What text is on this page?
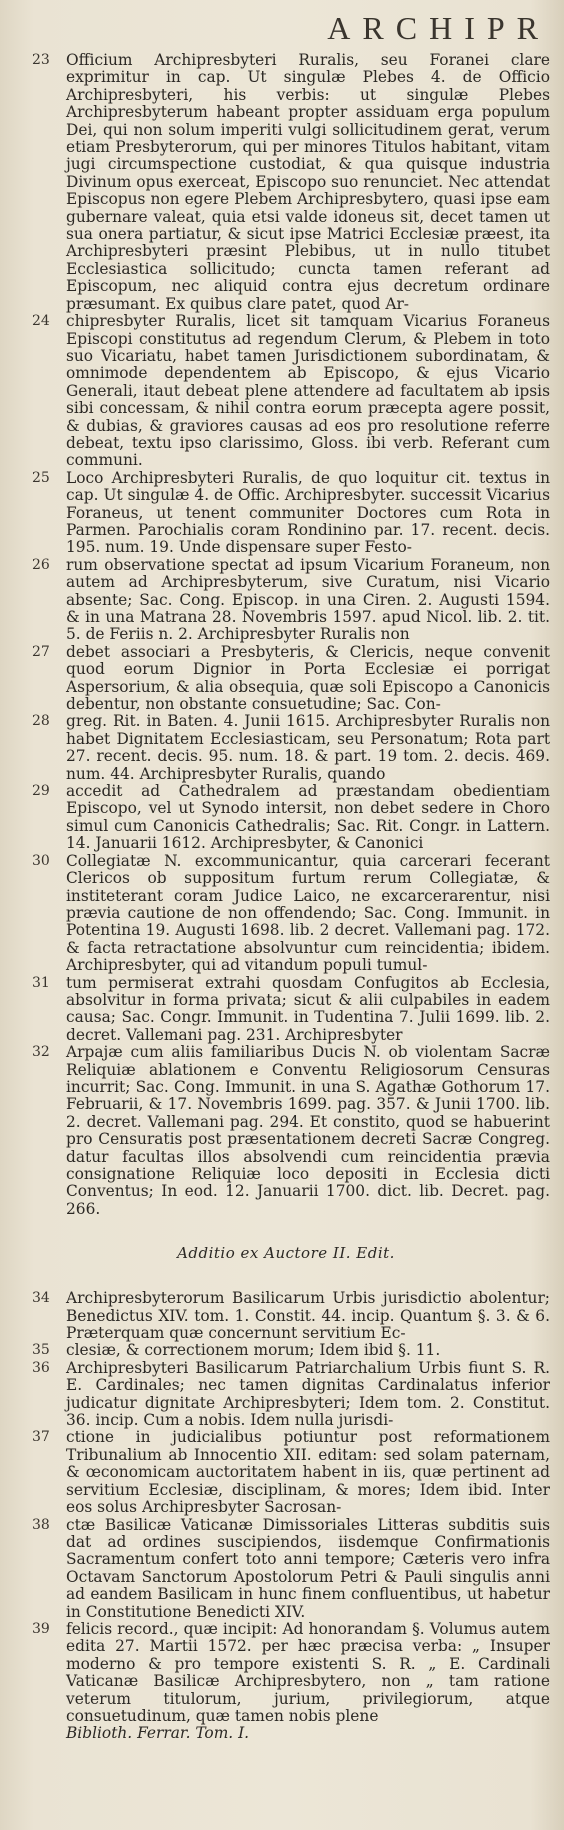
ARCHIPR
23	Officium Archipresbyteri Ruralis, seu Foranei clare exprimitur in cap. Ut singulæ Plebes 4. de Officio Archipresbyteri, his verbis: ut singulæ Plebes Archipresbyterum habeant propter assiduam erga populum Dei, qui non solum imperiti vulgi sollicitudinem gerat, verum etiam Presbyterorum, qui per minores Titulos habitant, vitam jugi circumspectione custodiat, & qua quisque industria Divinum opus exerceat, Episcopo suo renunciet. Nec attendat Episcopus non egere Plebem Archipresbytero, quasi ipse eam gubernare valeat, quia etsi valde idoneus sit, decet tamen ut sua onera partiatur, & sicut ipse Matrici Ecclesiæ præest, ita Archipresbyteri præsint Plebibus, ut in nullo titubet Ecclesiastica sollicitudo; cuncta tamen referant ad Episcopum, nec aliquid contra ejus decretum ordinare præsumant. Ex quibus clare patet, quod Ar-
24	chipresbyter Ruralis, licet sit tamquam Vicarius Foraneus Episcopi constitutus ad regendum Clerum, & Plebem in toto suo Vicariatu, habet tamen Jurisdictionem subordinatam, & omnimode dependentem ab Episcopo, & ejus Vicario Generali, itaut debeat plene attendere ad facultatem ab ipsis sibi concessam, & nihil contra eorum præcepta agere possit, & dubias, & graviores causas ad eos pro resolutione referre debeat, textu ipso clarissimo, Gloss. ibi verb. Referant cum communi.
25	Loco Archipresbyteri Ruralis, de quo loquitur cit. textus in cap. Ut singulæ 4. de Offic. Archipresbyter. successit Vicarius Foraneus, ut tenent communiter Doctores cum Rota in Parmen. Parochialis coram Rondinino par. 17. recent. decis. 195. num. 19. Unde dispensare super Festo-
26	rum observatione spectat ad ipsum Vicarium Foraneum, non autem ad Archipresbyterum, sive Curatum, nisi Vicario absente; Sac. Cong. Episcop. in una Ciren. 2. Augusti 1594. & in una Matrana 28. Novembris 1597. apud Nicol. lib. 2. tit. 5. de Feriis n. 2. Archipresbyter Ruralis non
27	debet associari a Presbyteris, & Clericis, neque convenit quod eorum Dignior in Porta Ecclesiæ ei porrigat Aspersorium, & alia obsequia, quæ soli Episcopo a Canonicis debentur, non obstante consuetudine; Sac. Con-
28	greg. Rit. in Baten. 4. Junii 1615. Archipresbyter Ruralis non habet Dignitatem Ecclesiasticam, seu Personatum; Rota part 27. recent. decis. 95. num. 18. & part. 19 tom. 2. decis. 469. num. 44. Archipresbyter Ruralis, quando
29	accedit ad Cathedralem ad præstandam obedientiam Episcopo, vel ut Synodo intersit, non debet sedere in Choro simul cum Canonicis Cathedralis; Sac. Rit. Congr. in Lattern. 14. Januarii 1612. Archipresbyter, & Canonici
30	Collegiatæ N. excommunicantur, quia carcerari fecerant Clericos ob suppositum furtum rerum Collegiatæ, & institeterant coram Judice Laico, ne excarcerarentur, nisi prævia cautione de non offendendo; Sac. Cong. Immunit. in Potentina 19. Augusti 1698. lib. 2 decret. Vallemani pag. 172. & facta retractatione absolvuntur cum reincidentia; ibidem. Archipresbyter, qui ad vitandum populi tumul-
31	tum permiserat extrahi quosdam Confugitos ab Ecclesia, absolvitur in forma privata; sicut & alii culpabiles in eadem causa; Sac. Congr. Immunit. in Tudentina 7. Julii 1699. lib. 2. decret. Vallemani pag. 231. Archipresbyter
32	Arpajæ cum aliis familiaribus Ducis N. ob violentam Sacræ Reliquiæ ablationem e Conventu Religiosorum Censuras incurrit; Sac. Cong. Immunit. in una S. Agathæ Gothorum 17. Februarii, & 17. Novembris 1699. pag. 357. & Junii 1700. lib. 2. decret. Vallemani pag. 294. Et constito, quod se habuerint pro Censuratis post præsentationem decreti Sacræ Congreg. datur facultas illos absolvendi cum reincidentia prævia consignatione Reliquiæ loco depositi in Ecclesia dicti Conventus; In eod. 12. Januarii 1700. dict. lib. Decret. pag. 266.
Additio ex Auctore II. Edit.
34	Archipresbyterorum Basilicarum Urbis jurisdictio abolentur; Benedictus XIV. tom. 1. Constit. 44. incip. Quantum §. 3. & 6. Præterquam quæ concernunt servitium Ec-
35	clesiæ, & correctionem morum; Idem ibid §. 11.
36	Archipresbyteri Basilicarum Patriarchalium Urbis fiunt S. R. E. Cardinales; nec tamen dignitas Cardinalatus inferior judicatur dignitate Archipresbyteri; Idem tom. 2. Constitut. 36. incip. Cum a nobis. Idem nulla jurisdi-
37	ctione in judicialibus potiuntur post reformationem Tribunalium ab Innocentio XII. editam: sed solam paternam, & œconomicam auctoritatem habent in iis, quæ pertinent ad servitium Ecclesiæ, disciplinam, & mores; Idem ibid. Inter eos solus Archipresbyter Sacrosan-
38	ctæ Basilicæ Vaticanæ Dimissoriales Litteras subditis suis dat ad ordines suscipiendos, iisdemque Confirmationis Sacramentum confert toto anni tempore; Cæteris vero infra Octavam Sanctorum Apostolorum Petri & Pauli singulis anni ad eandem Basilicam in hunc finem confluentibus, ut habetur in Constitutione Benedicti XIV.
39	felicis record., quæ incipit: Ad honorandam §. Volumus autem edita 27. Martii 1572. per hæc præcisa verba: „ Insuper moderno & pro tempore existenti S. R. „ E. Cardinali Vaticanæ Basilicæ Archipresbytero, non „ tam ratione veterum titulorum, jurium, privilegiorum, atque consuetudinum, quæ tamen nobis plene
Biblioth. Ferrar. Tom. I.
